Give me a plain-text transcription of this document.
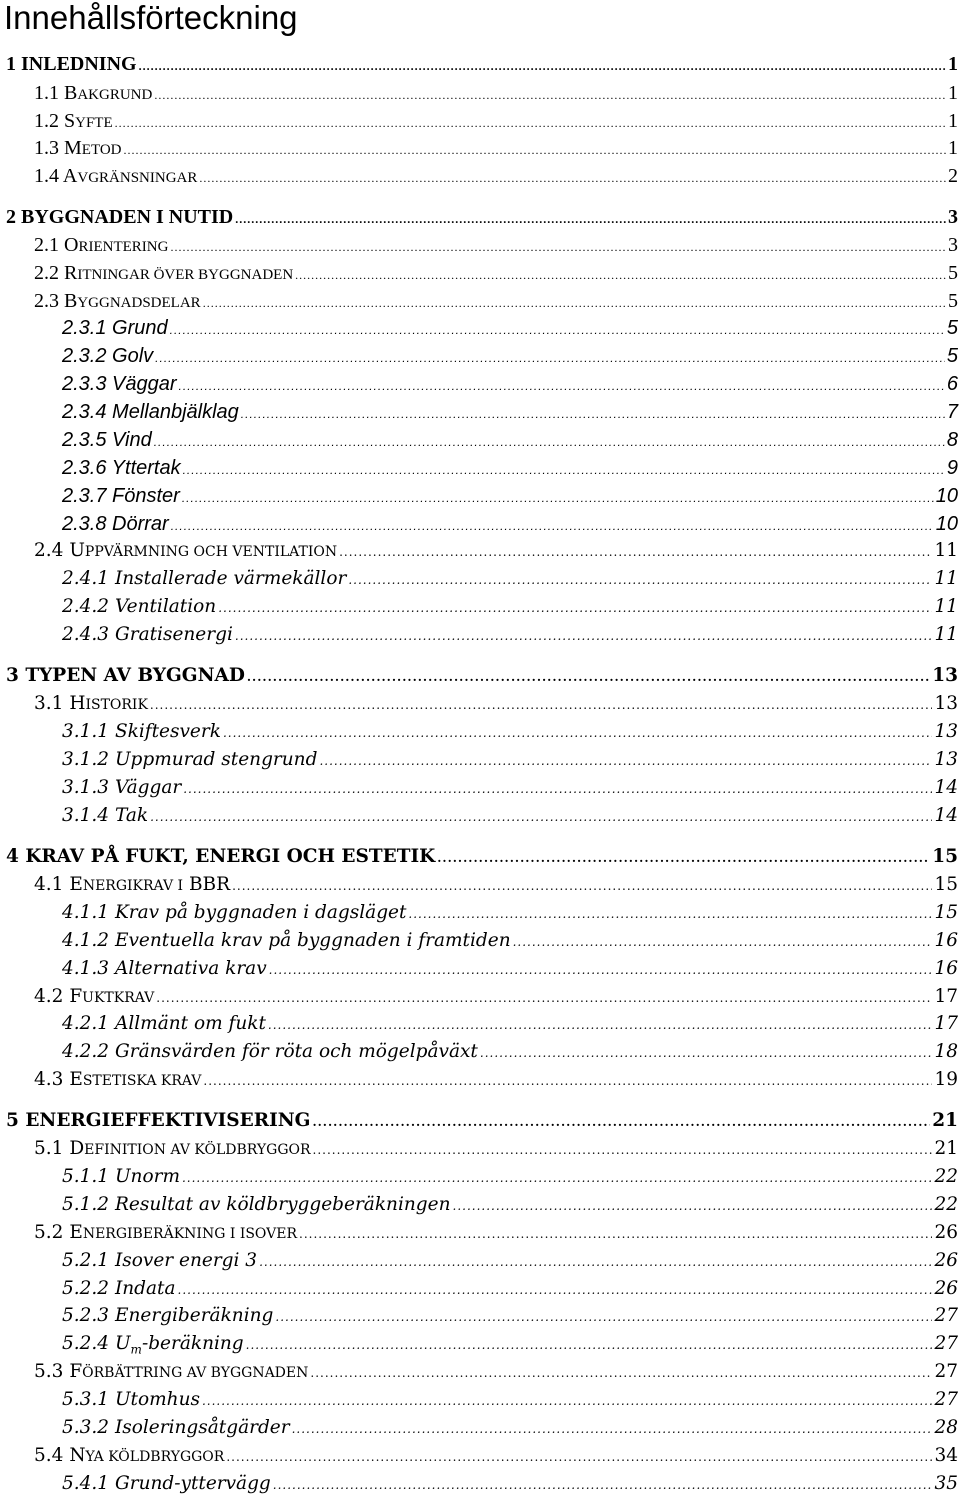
Innehållsförteckning
1 INLEDNING .....	1
1.1 BAKGRUND .....	1
1.2 SYFTE .....	1
1.3 METOD .....	1
1.4 AVGRÄNSNINGAR .....	2
2 BYGGNADEN I NUTID .....	3
2.1 ORIENTERING .....	3
2.2 RITNINGAR ÖVER BYGGNADEN .....	5
2.3 BYGGNADSDELAR .....	5
2.3.1 Grund .....	5
2.3.2 Golv .....	5
2.3.3 Väggar .....	6
2.3.4 Mellanbjälklag .....	7
2.3.5 Vind .....	8
2.3.6 Yttertak .....	9
2.3.7 Fönster .....	10
2.3.8 Dörrar .....	10
2.4 UPPVÄRMNING OCH VENTILATION .....	11
2.4.1 Installerade värmekällor .....	11
2.4.2 Ventilation .....	11
2.4.3 Gratisenergi .....	11
3 TYPEN AV BYGGNAD .....	13
3.1 HISTORIK .....	13
3.1.1 Skiftesverk .....	13
3.1.2 Uppmurad stengrund .....	13
3.1.3 Väggar .....	14
3.1.4 Tak .....	14
4 KRAV PÅ FUKT, ENERGI OCH ESTETIK .....	15
4.1 ENERGIKRAV I BBR .....	15
4.1.1 Krav på byggnaden i dagsläget .....	15
4.1.2 Eventuella krav på byggnaden i framtiden .....	16
4.1.3 Alternativa krav .....	16
4.2 FUKTKRAV .....	17
4.2.1 Allmänt om fukt .....	17
4.2.2 Gränsvärden för röta och mögelpåväxt .....	18
4.3 ESTETISKA KRAV .....	19
5 ENERGIEFFEKTIVISERING .....	21
5.1 DEFINITION AV KÖLDBRYGGOR .....	21
5.1.1 Unorm .....	22
5.1.2 Resultat av köldbryggeberäkningen .....	22
5.2 ENERGIBERÄKNING I ISOVER .....	26
5.2.1 Isover energi 3 .....	26
5.2.2 Indata .....	26
5.2.3 Energiberäkning .....	27
5.2.4 $U_m$-beräkning .....	27
5.3 FÖRBÄTTRING AV BYGGNADEN .....	27
5.3.1 Utomhus .....	27
5.3.2 Isoleringsåtgärder .....	28
5.4 NYA KÖLDBRYGGOR .....	34
5.4.1 Grund-yttervägg .....	35
